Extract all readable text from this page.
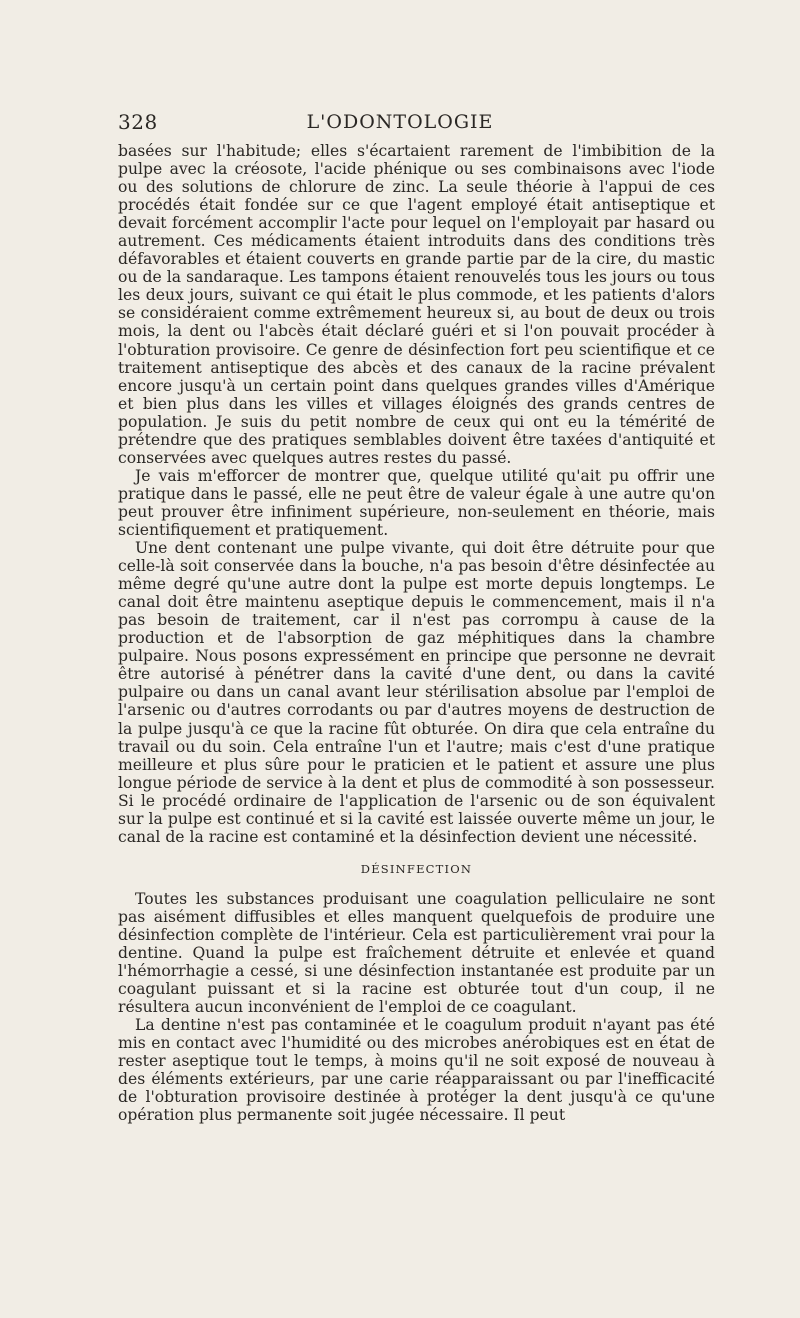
328	L'ODONTOLOGIE

basées sur l'habitude; elles s'écartaient rarement de l'imbibition de la pulpe avec la créosote, l'acide phénique ou ses combinaisons avec l'iode ou des solutions de chlorure de zinc. La seule théorie à l'appui de ces procédés était fondée sur ce que l'agent employé était antiseptique et devait forcément accomplir l'acte pour lequel on l'employait par hasard ou autrement. Ces médicaments étaient introduits dans des conditions très défavorables et étaient couverts en grande partie par de la cire, du mastic ou de la sandaraque. Les tampons étaient renouvelés tous les jours ou tous les deux jours, suivant ce qui était le plus commode, et les patients d'alors se considéraient comme extrêmement heureux si, au bout de deux ou trois mois, la dent ou l'abcès était déclaré guéri et si l'on pouvait procéder à l'obturation provisoire. Ce genre de désinfection fort peu scientifique et ce traitement antiseptique des abcès et des canaux de la racine prévalent encore jusqu'à un certain point dans quelques grandes villes d'Amérique et bien plus dans les villes et villages éloignés des grands centres de population. Je suis du petit nombre de ceux qui ont eu la témérité de prétendre que des pratiques semblables doivent être taxées d'antiquité et conservées avec quelques autres restes du passé.

Je vais m'efforcer de montrer que, quelque utilité qu'ait pu offrir une pratique dans le passé, elle ne peut être de valeur égale à une autre qu'on peut prouver être infiniment supérieure, non-seulement en théorie, mais scientifiquement et pratiquement.

Une dent contenant une pulpe vivante, qui doit être détruite pour que celle-là soit conservée dans la bouche, n'a pas besoin d'être désinfectée au même degré qu'une autre dont la pulpe est morte depuis longtemps. Le canal doit être maintenu aseptique depuis le commencement, mais il n'a pas besoin de traitement, car il n'est pas corrompu à cause de la production et de l'absorption de gaz méphitiques dans la chambre pulpaire. Nous posons expressément en principe que personne ne devrait être autorisé à pénétrer dans la cavité d'une dent, ou dans la cavité pulpaire ou dans un canal avant leur stérilisation absolue par l'emploi de l'arsenic ou d'autres corrodants ou par d'autres moyens de destruction de la pulpe jusqu'à ce que la racine fût obturée. On dira que cela entraîne du travail ou du soin. Cela entraîne l'un et l'autre; mais c'est d'une pratique meilleure et plus sûre pour le praticien et le patient et assure une plus longue période de service à la dent et plus de commodité à son possesseur. Si le procédé ordinaire de l'application de l'arsenic ou de son équivalent sur la pulpe est continué et si la cavité est laissée ouverte même un jour, le canal de la racine est contaminé et la désinfection devient une nécessité.

DÉSINFECTION

Toutes les substances produisant une coagulation pelliculaire ne sont pas aisément diffusibles et elles manquent quelquefois de produire une désinfection complète de l'intérieur. Cela est particulièrement vrai pour la dentine. Quand la pulpe est fraîchement détruite et enlevée et quand l'hémorrhagie a cessé, si une désinfection instantanée est produite par un coagulant puissant et si la racine est obturée tout d'un coup, il ne résultera aucun inconvénient de l'emploi de ce coagulant.

La dentine n'est pas contaminée et le coagulum produit n'ayant pas été mis en contact avec l'humidité ou des microbes anérobiques est en état de rester aseptique tout le temps, à moins qu'il ne soit exposé de nouveau à des éléments extérieurs, par une carie réapparaissant ou par l'inefficacité de l'obturation provisoire destinée à protéger la dent jusqu'à ce qu'une opération plus permanente soit jugée nécessaire. Il peut
